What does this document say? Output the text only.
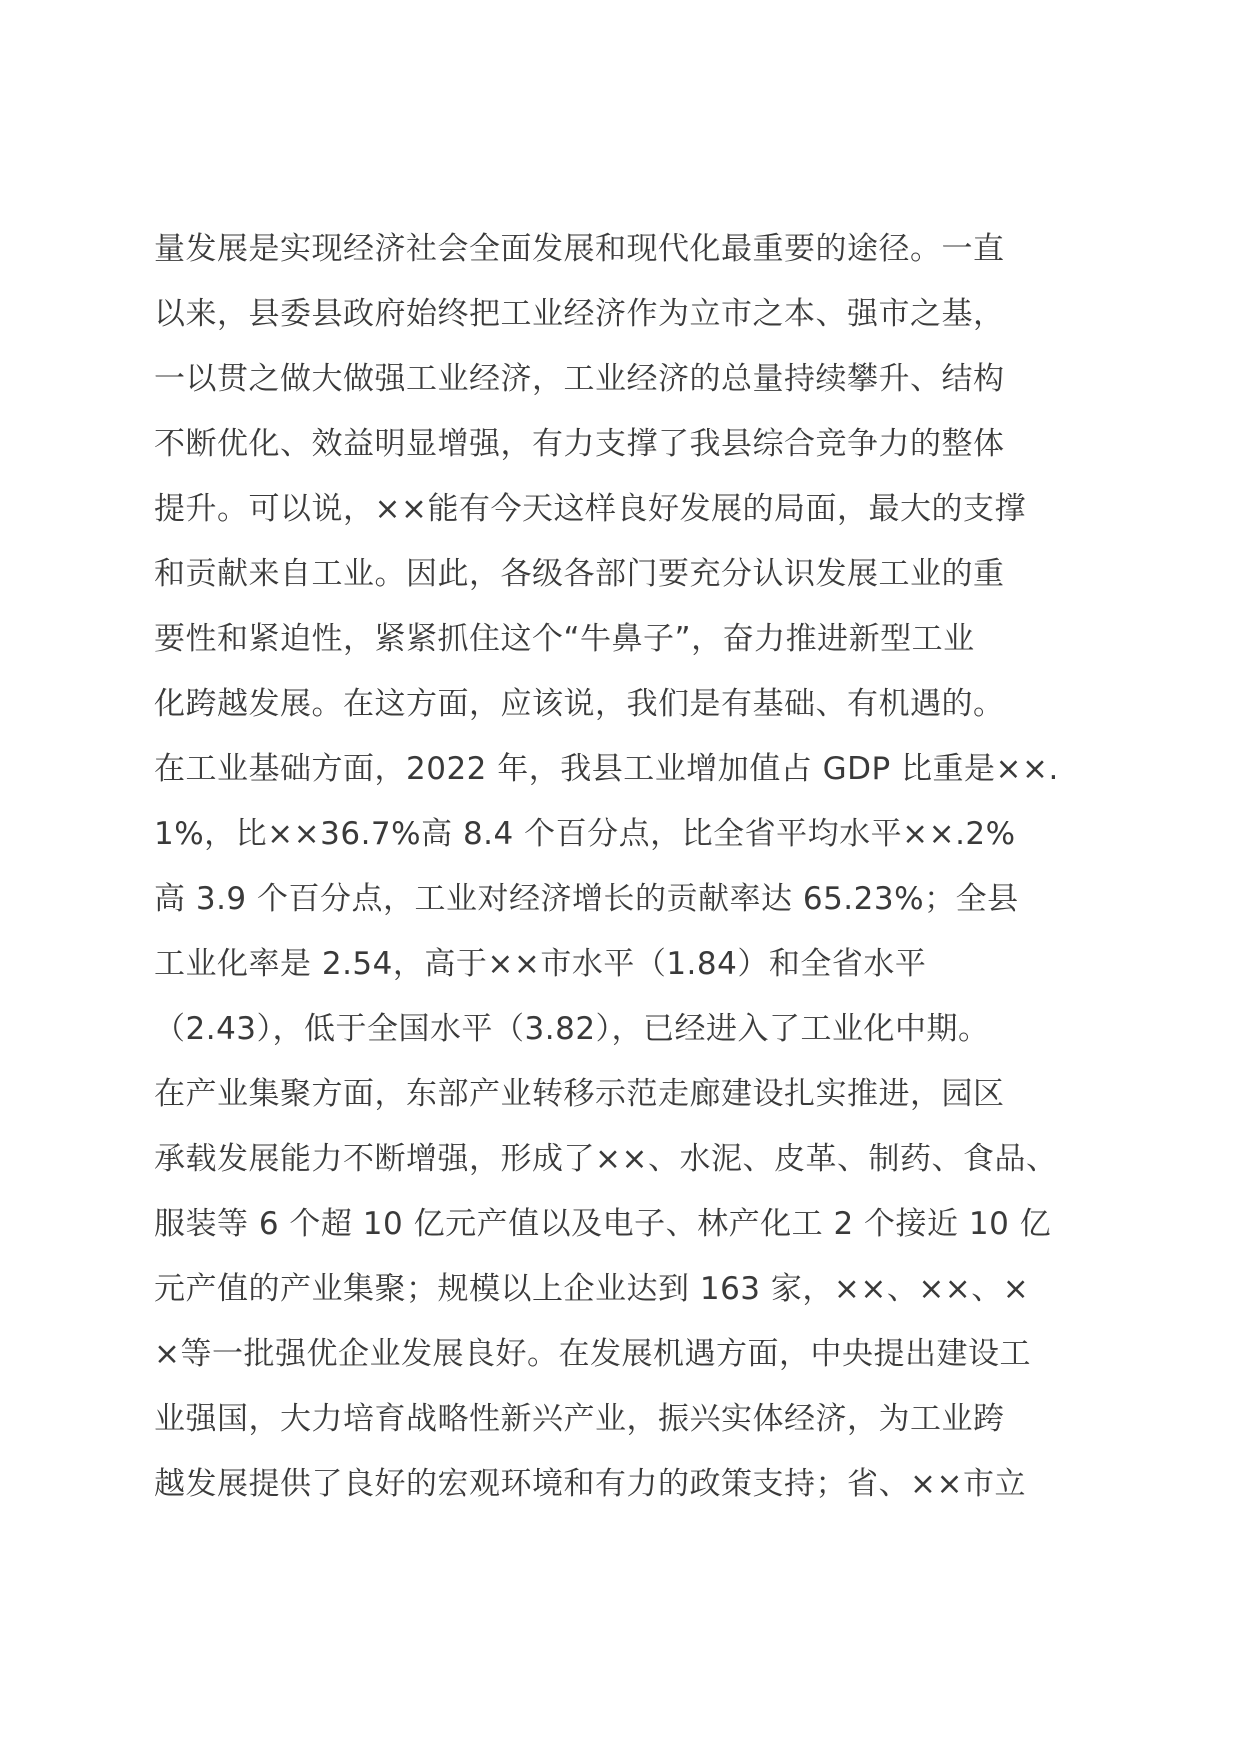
量发展是实现经济社会全面发展和现代化最重要的途径。一直
以来，县委县政府始终把工业经济作为立市之本、强市之基，
一以贯之做大做强工业经济，工业经济的总量持续攀升、结构
不断优化、效益明显增强，有力支撑了我县综合竞争力的整体
提升。可以说，××能有今天这样良好发展的局面，最大的支撑
和贡献来自工业。因此，各级各部门要充分认识发展工业的重
要性和紧迫性，紧紧抓住这个“牛鼻子”，奋力推进新型工业
化跨越发展。在这方面，应该说，我们是有基础、有机遇的。
在工业基础方面，2022 年，我县工业增加值占 GDP 比重是××.
1%，比××36.7%高 8.4 个百分点，比全省平均水平××.2%
高 3.9 个百分点，工业对经济增长的贡献率达 65.23%；全县
工业化率是 2.54，高于××市水平（1.84）和全省水平
（2.43），低于全国水平（3.82），已经进入了工业化中期。
在产业集聚方面，东部产业转移示范走廊建设扎实推进，园区
承载发展能力不断增强，形成了××、水泥、皮革、制药、食品、
服装等 6 个超 10 亿元产值以及电子、林产化工 2 个接近 10 亿
元产值的产业集聚；规模以上企业达到 163 家，××、××、×
×等一批强优企业发展良好。在发展机遇方面，中央提出建设工
业强国，大力培育战略性新兴产业，振兴实体经济，为工业跨
越发展提供了良好的宏观环境和有力的政策支持；省、××市立
